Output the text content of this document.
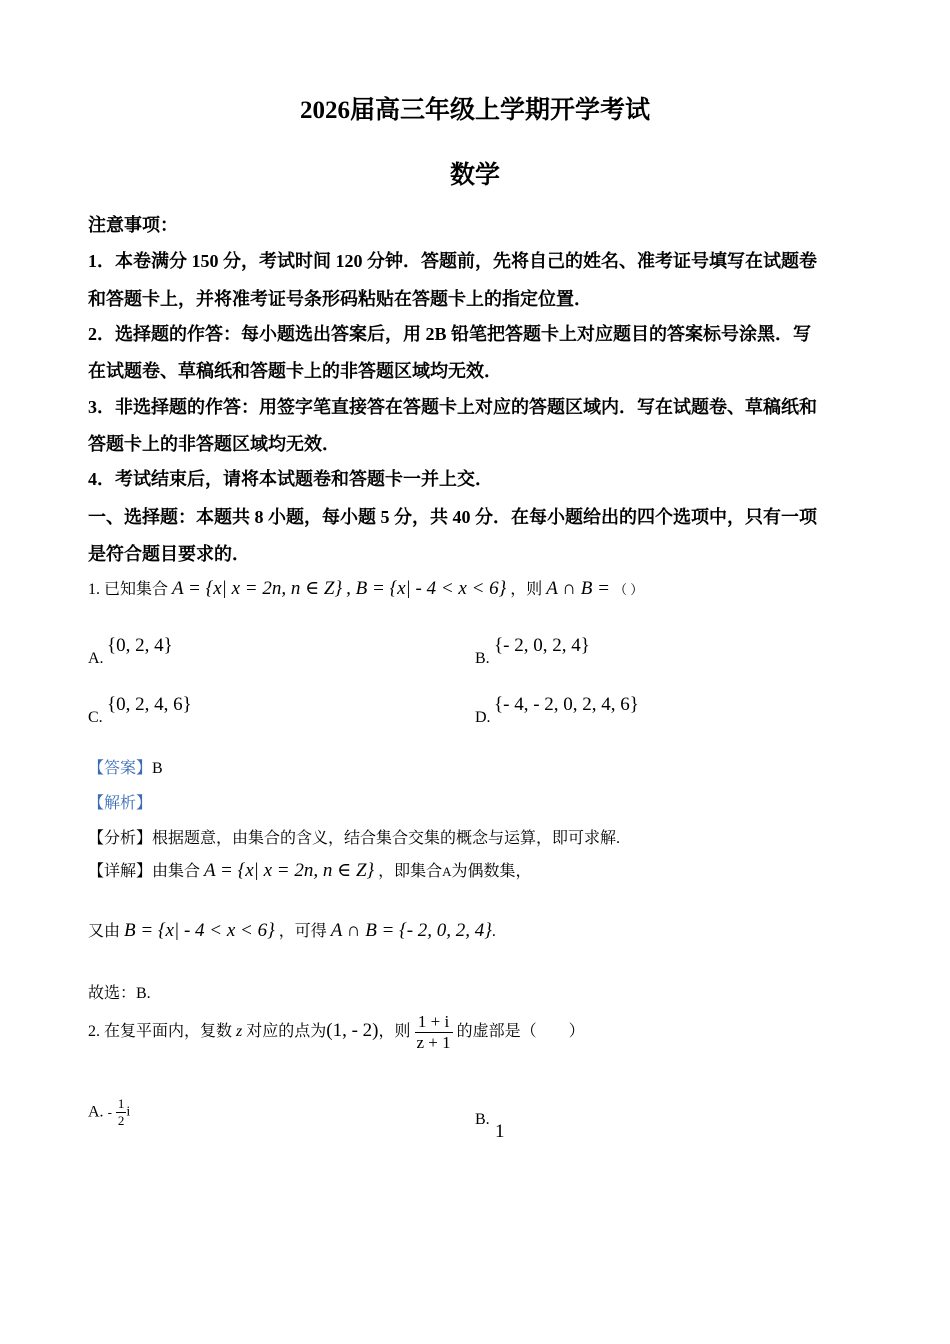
2026届高三年级上学期开学考试
数学
注意事项：
1．本卷满分 150 分，考试时间 120 分钟．答题前，先将自己的姓名、准考证号填写在试题卷
和答题卡上，并将准考证号条形码粘贴在答题卡上的指定位置．
2．选择题的作答：每小题选出答案后，用 2B 铅笔把答题卡上对应题目的答案标号涂黑．写
在试题卷、草稿纸和答题卡上的非答题区域均无效．
3．非选择题的作答：用签字笔直接答在答题卡上对应的答题区域内．写在试题卷、草稿纸和
答题卡上的非答题区域均无效．
4．考试结束后，请将本试题卷和答题卡一并上交．
一、选择题：本题共 8 小题，每小题 5 分，共 40 分．在每小题给出的四个选项中，只有一项
是符合题目要求的．
1. 已知集合 A = {x| x = 2n, n ∈ Z} , B = {x| - 4 < x < 6} ，则 A ∩ B = （ ）
A.
{0, 2, 4}
B.
{- 2, 0, 2, 4}
C.
{0, 2, 4, 6}
D.
{- 4, - 2, 0, 2, 4, 6}
【答案】B
【解析】
【分析】根据题意，由集合的含义，结合集合交集的概念与运算，即可求解.
【详解】由集合 A = {x| x = 2n, n ∈ Z} ，即集合A为偶数集，
又由 B = {x| - 4 < x < 6} ，可得 A ∩ B = {- 2, 0, 2, 4}.
故选：B.
2. 在复平面内，复数 z 对应的点为(1, - 2)，则 $\frac{1 + i}{z + 1}$ 的虚部是（　　）
A. - $\frac{1}{2}$ i	B.
1
